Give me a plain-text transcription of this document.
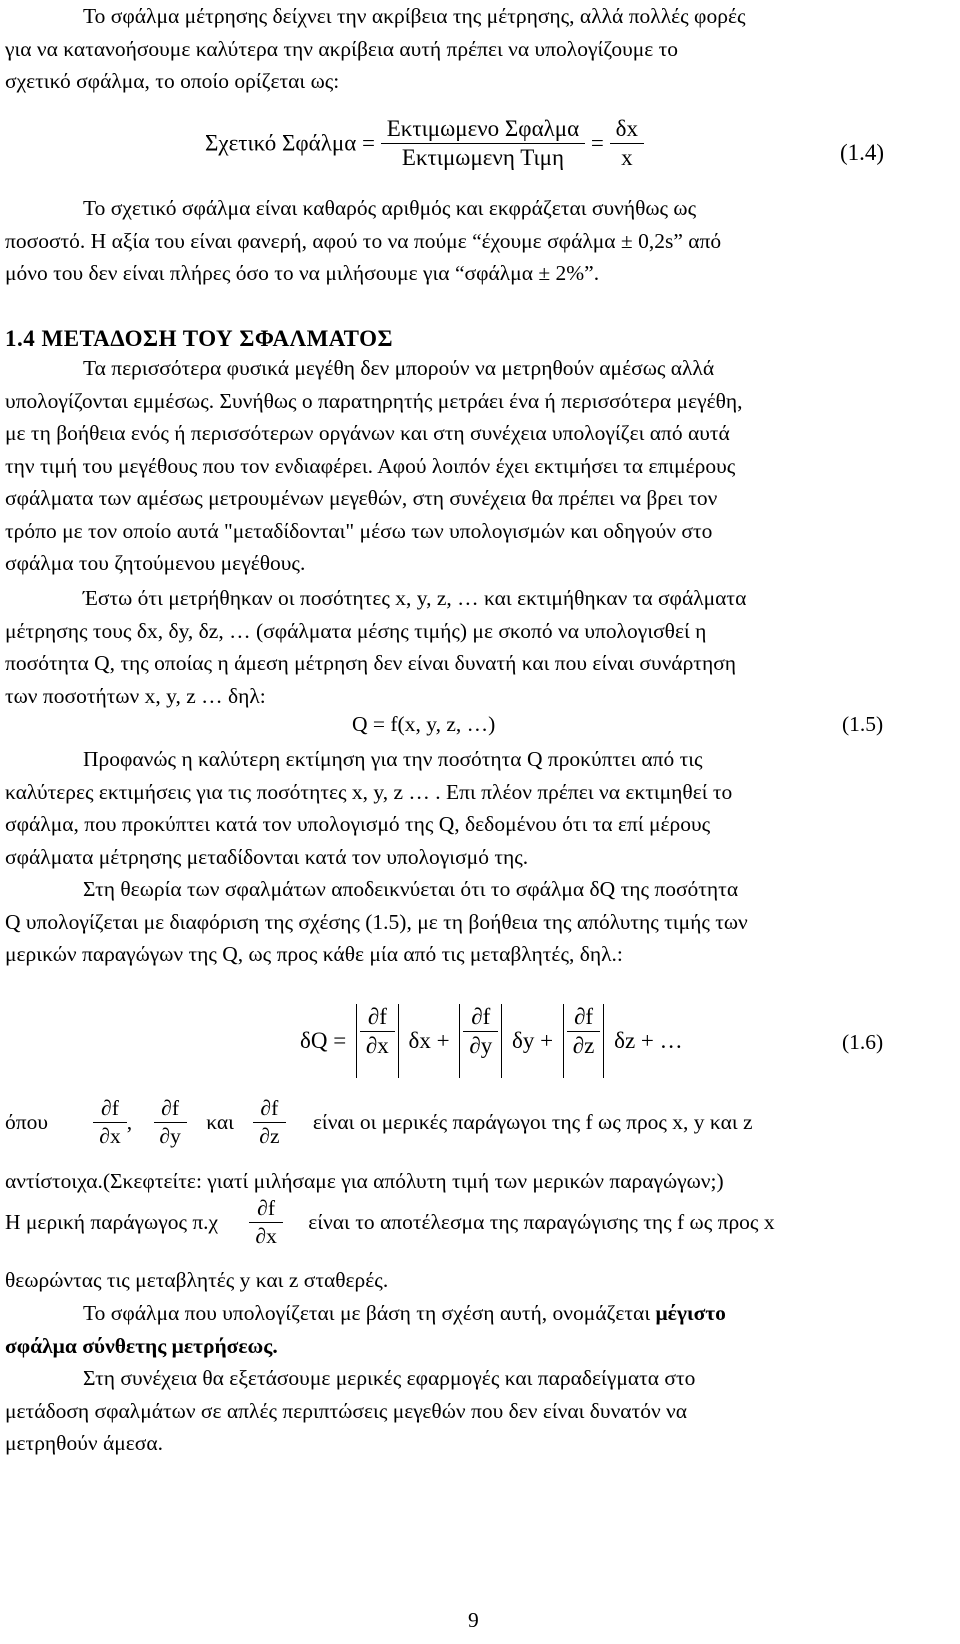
Το σφάλμα μέτρησης δείχνει την ακρίβεια της μέτρησης, αλλά πολλές φορές
για να κατανοήσουμε καλύτερα την ακρίβεια αυτή πρέπει να υπολογίζουμε το
σχετικό σφάλμα, το οποίο ορίζεται ως:
Σχετικό $\Sigma\varphi ά\lambda\mu\alpha = \frac{\text{Εκτιμωμενο Σφαλμα}}{\text{Εκτιμωμενη Τιμη}} = \frac{\delta x}{x}$	(1.4)
Το σχετικό σφάλμα είναι καθαρός αριθμός και εκφράζεται συνήθως ως
ποσοστό. Η αξία του είναι φανερή, αφού το να πούμε “έχουμε σφάλμα ± 0,2s” από
μόνο του δεν είναι πλήρες όσο το να μιλήσουμε για “σφάλμα ± 2%”.
1.4 ΜΕΤΑΔΟΣΗ ΤΟΥ ΣΦΑΛΜΑΤΟΣ
Τα περισσότερα φυσικά μεγέθη δεν μπορούν να μετρηθούν αμέσως αλλά
υπολογίζονται εμμέσως. Συνήθως ο παρατηρητής μετράει ένα ή περισσότερα μεγέθη,
με τη βοήθεια ενός ή περισσότερων οργάνων και στη συνέχεια υπολογίζει από αυτά
την τιμή του μεγέθους που τον ενδιαφέρει. Αφού λοιπόν έχει εκτιμήσει τα επιμέρους
σφάλματα των αμέσως μετρουμένων μεγεθών, στη συνέχεια θα πρέπει να βρει τον
τρόπο με τον οποίο αυτά "μεταδίδονται" μέσω των υπολογισμών και οδηγούν στο
σφάλμα του ζητούμενου μεγέθους.
Έστω ότι μετρήθηκαν οι ποσότητες x, y, z, … και εκτιμήθηκαν τα σφάλματα
μέτρησης τους δx, δy, δz, … (σφάλματα μέσης τιμής) με σκοπό να υπολογισθεί η
ποσότητα Q, της οποίας η άμεση μέτρηση δεν είναι δυνατή και που είναι συνάρτηση
των ποσοτήτων x, y, z … δηλ:
Q = f(x, y, z, …)	(1.5)
Προφανώς η καλύτερη εκτίμηση για την ποσότητα Q προκύπτει από τις
καλύτερες εκτιμήσεις για τις ποσότητες x, y, z … . Επι πλέον πρέπει να εκτιμηθεί το
σφάλμα, που προκύπτει κατά τον υπολογισμό της Q, δεδομένου ότι τα επί μέρους
σφάλματα μέτρησης μεταδίδονται κατά τον υπολογισμό της.
Στη θεωρία των σφαλμάτων αποδεικνύεται ότι το σφάλμα δQ της ποσότητα
Q υπολογίζεται με διαφόριση της σχέσης (1.5), με τη βοήθεια της απόλυτης τιμής των
μερικών παραγώγων της Q, ως προς κάθε μία από τις μεταβλητές, δηλ.:
$\delta Q = \frac{\partial f}{\partial x}$ $\delta x + \frac{\partial f}{\partial y}$ $\delta y + \frac{\partial f}{\partial z}$ δz + …	(1.6)
όπου $\frac{\partial f}{\partial x}$ , $\frac{\partial f}{\partial y}$ και $\frac{\partial f}{\partial z}$ είναι οι μερικές παράγωγοι της f ως προς x, y και z
αντίστοιχα.(Σκεφτείτε: γιατί μιλήσαμε για απόλυτη τιμή των μερικών παραγώγων;)
Η μερική παράγωγος $\pi.\chi \frac{\partial f}{\partial x}$ είναι το αποτέλεσμα της παραγώγισης της f ως προς x
θεωρώντας τις μεταβλητές y και z σταθερές.
Το σφάλμα που υπολογίζεται με βάση τη σχέση αυτή, ονομάζεται μέγιστο
σφάλμα σύνθετης μετρήσεως.
Στη συνέχεια θα εξετάσουμε μερικές εφαρμογές και παραδείγματα στο
μετάδοση σφαλμάτων σε απλές περιπτώσεις μεγεθών που δεν είναι δυνατόν να
μετρηθούν άμεσα.
9
